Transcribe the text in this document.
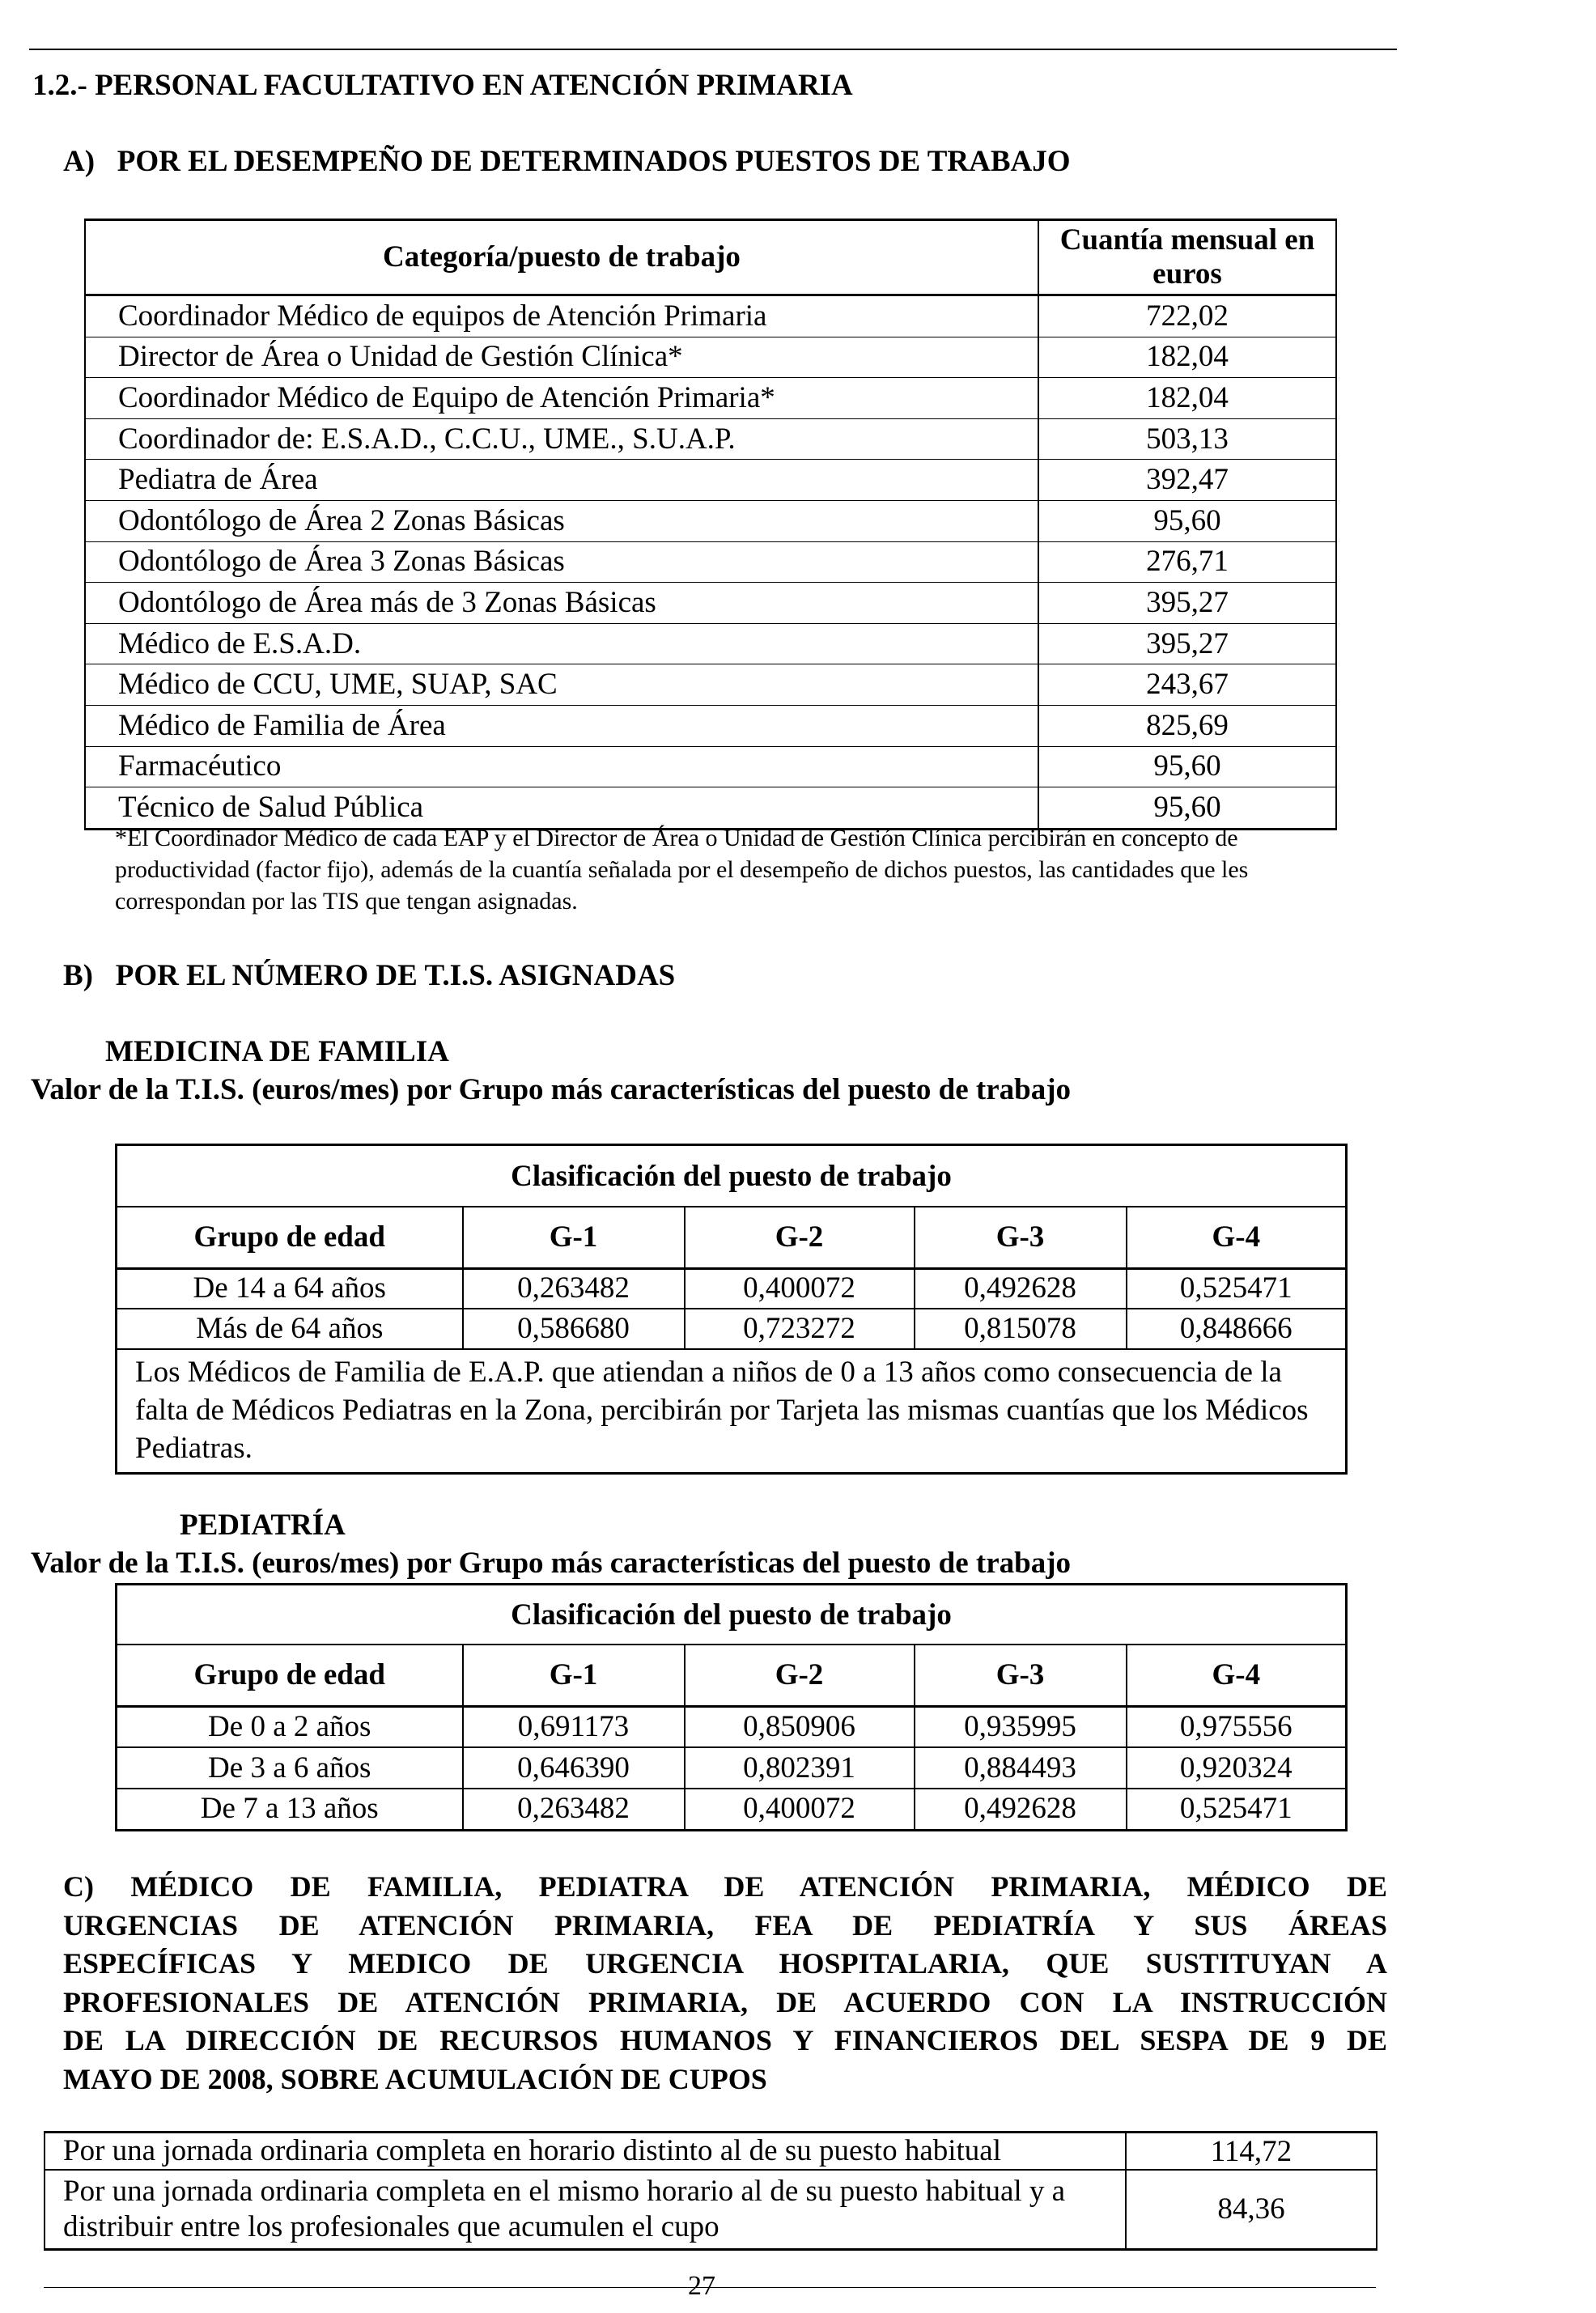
1.2.- PERSONAL FACULTATIVO EN ATENCIÓN PRIMARIA
A)   POR EL DESEMPEÑO DE DETERMINADOS PUESTOS DE TRABAJO
Categoría/puesto de trabajo	Cuantía mensual en euros
Coordinador Médico de equipos de Atención Primaria	722,02
Director de Área o Unidad de Gestión Clínica*	182,04
Coordinador Médico de Equipo de Atención Primaria*	182,04
Coordinador de: E.S.A.D., C.C.U., UME., S.U.A.P.	503,13
Pediatra de Área	392,47
Odontólogo de Área 2 Zonas Básicas	95,60
Odontólogo de Área 3 Zonas Básicas	276,71
Odontólogo de Área más de 3 Zonas Básicas	395,27
Médico de E.S.A.D.	395,27
Médico de CCU, UME, SUAP, SAC	243,67
Médico de Familia de Área	825,69
Farmacéutico	95,60
Técnico de Salud Pública	95,60
*El Coordinador Médico de cada EAP y el Director de Área o Unidad de Gestión Clínica percibirán en concepto de productividad (factor fijo), además de la cuantía señalada por el desempeño de dichos puestos, las cantidades que les correspondan por las TIS que tengan asignadas.
B)   POR EL NÚMERO DE T.I.S. ASIGNADAS
MEDICINA DE FAMILIA
Valor de la T.I.S. (euros/mes) por Grupo más características del puesto de trabajo
Clasificación del puesto de trabajo				
Grupo de edad	G-1	G-2	G-3	G-4
De 14 a 64 años	0,263482	0,400072	0,492628	0,525471
Más de 64 años	0,586680	0,723272	0,815078	0,848666
Los Médicos de Familia de E.A.P. que atiendan a niños de 0 a 13 años como consecuencia de la falta de Médicos Pediatras en la Zona, percibirán por Tarjeta las mismas cuantías que los Médicos Pediatras.				
PEDIATRÍA
Valor de la T.I.S. (euros/mes) por Grupo más características del puesto de trabajo
Clasificación del puesto de trabajo				
Grupo de edad	G-1	G-2	G-3	G-4
De 0 a 2 años	0,691173	0,850906	0,935995	0,975556
De 3 a 6 años	0,646390	0,802391	0,884493	0,920324
De 7 a 13 años	0,263482	0,400072	0,492628	0,525471
C) MÉDICO DE FAMILIA, PEDIATRA DE ATENCIÓN PRIMARIA, MÉDICO DE
URGENCIAS DE ATENCIÓN PRIMARIA, FEA DE PEDIATRÍA Y SUS ÁREAS
ESPECÍFICAS Y MEDICO DE URGENCIA HOSPITALARIA, QUE SUSTITUYAN A
PROFESIONALES DE ATENCIÓN PRIMARIA, DE ACUERDO CON LA INSTRUCCIÓN
DE LA DIRECCIÓN DE RECURSOS HUMANOS Y FINANCIEROS DEL SESPA DE 9 DE
MAYO DE 2008, SOBRE ACUMULACIÓN DE CUPOS
Por una jornada ordinaria completa en horario distinto al de su puesto habitual	114,72
Por una jornada ordinaria completa en el mismo horario al de su puesto habitual y a distribuir entre los profesionales que acumulen el cupo	84,36
27
